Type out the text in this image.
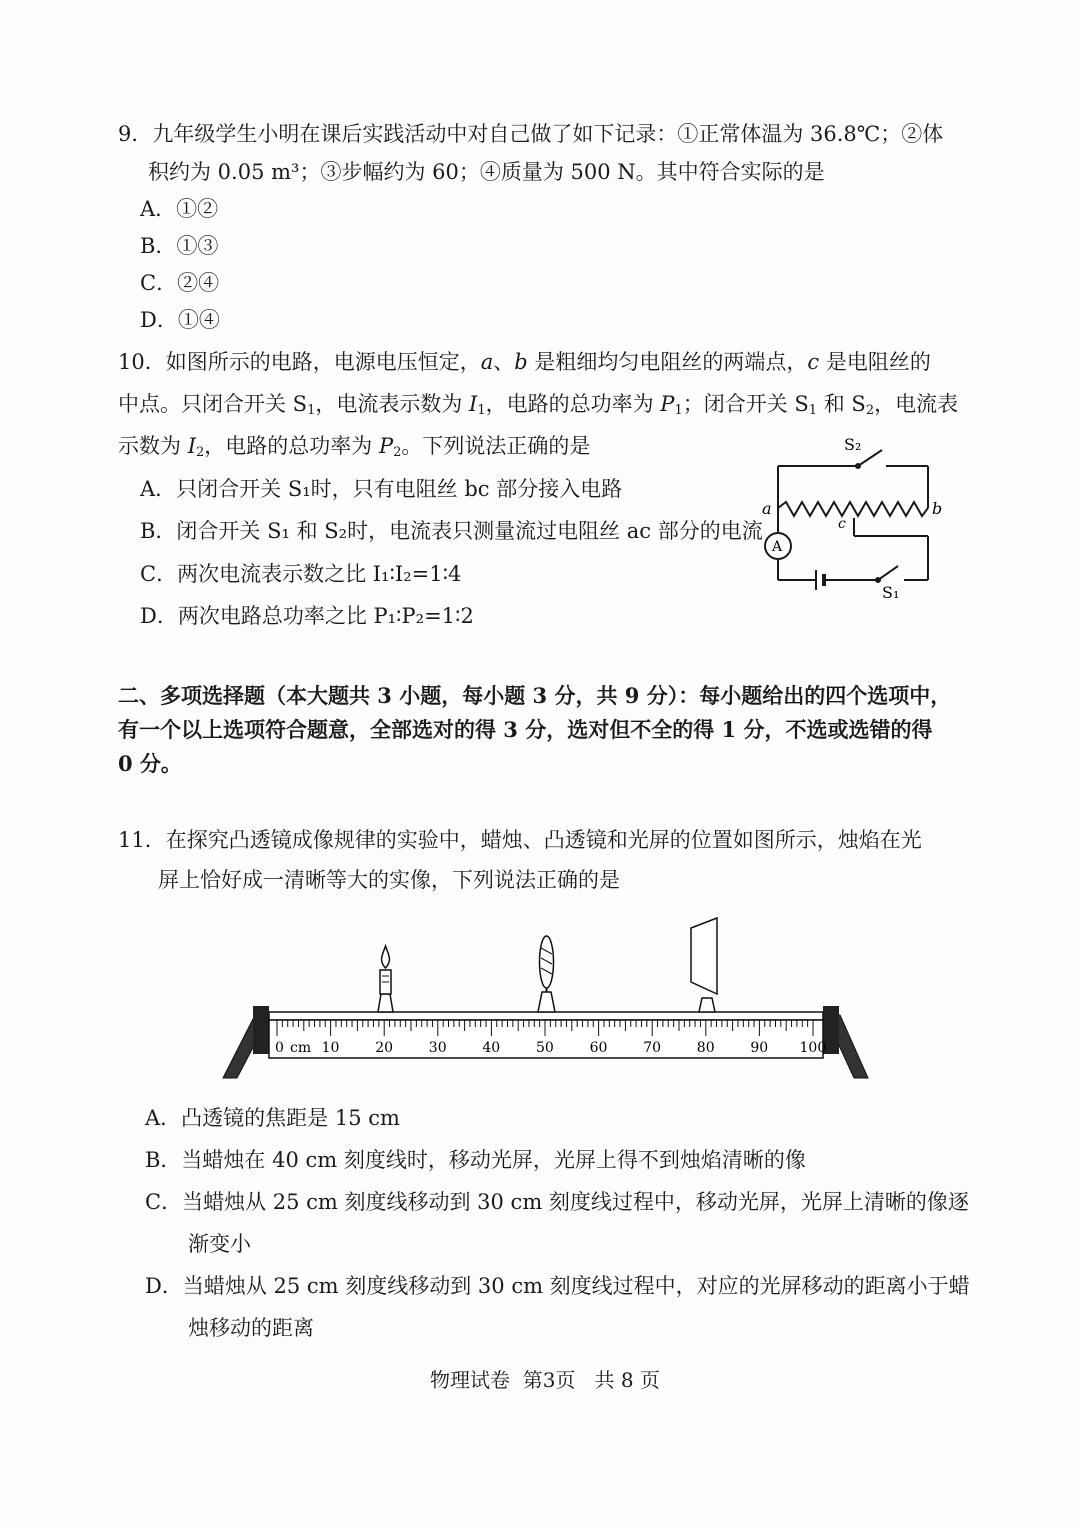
9．九年级学生小明在课后实践活动中对自己做了如下记录：①正常体温为 36.8℃；②体
积约为 0.05 m³；③步幅约为 60；④质量为 500 N。其中符合实际的是
A．①②
B．①③
C．②④
D．①④
10．如图所示的电路，电源电压恒定，a、b 是粗细均匀电阻丝的两端点，c 是电阻丝的
中点。只闭合开关 $S_1$，电流表示数为 $I_1$，电路的总功率为 $P_1$；闭合开关 $S_1$ 和 $S_2$，电流表
示数为 $I_2$，电路的总功率为 $P_2$。下列说法正确的是
A．只闭合开关 S₁时，只有电阻丝 bc 部分接入电路
B．闭合开关 S₁ 和 S₂时，电流表只测量流过电阻丝 ac 部分的电流
C．两次电流表示数之比 I₁∶I₂=1∶4
D．两次电路总功率之比 P₁∶P₂=1∶2
S₂
S₁
a	b
c
A
二、多项选择题（本大题共 3 小题，每小题 3 分，共 9 分）：每小题给出的四个选项中，
有一个以上选项符合题意，全部选对的得 3 分，选对但不全的得 1 分，不选或选错的得
0 分。
11．在探究凸透镜成像规律的实验中，蜡烛、凸透镜和光屏的位置如图所示，烛焰在光
屏上恰好成一清晰等大的实像，下列说法正确的是
0	10	20	30	40	50	60	70	80	90 100
cm
A．凸透镜的焦距是 15 cm
B．当蜡烛在 40 cm 刻度线时，移动光屏，光屏上得不到烛焰清晰的像
C．当蜡烛从 25 cm 刻度线移动到 30 cm 刻度线过程中，移动光屏，光屏上清晰的像逐
渐变小
D．当蜡烛从 25 cm 刻度线移动到 30 cm 刻度线过程中，对应的光屏移动的距离小于蜡
烛移动的距离
物理试卷  第3页   共 8 页
